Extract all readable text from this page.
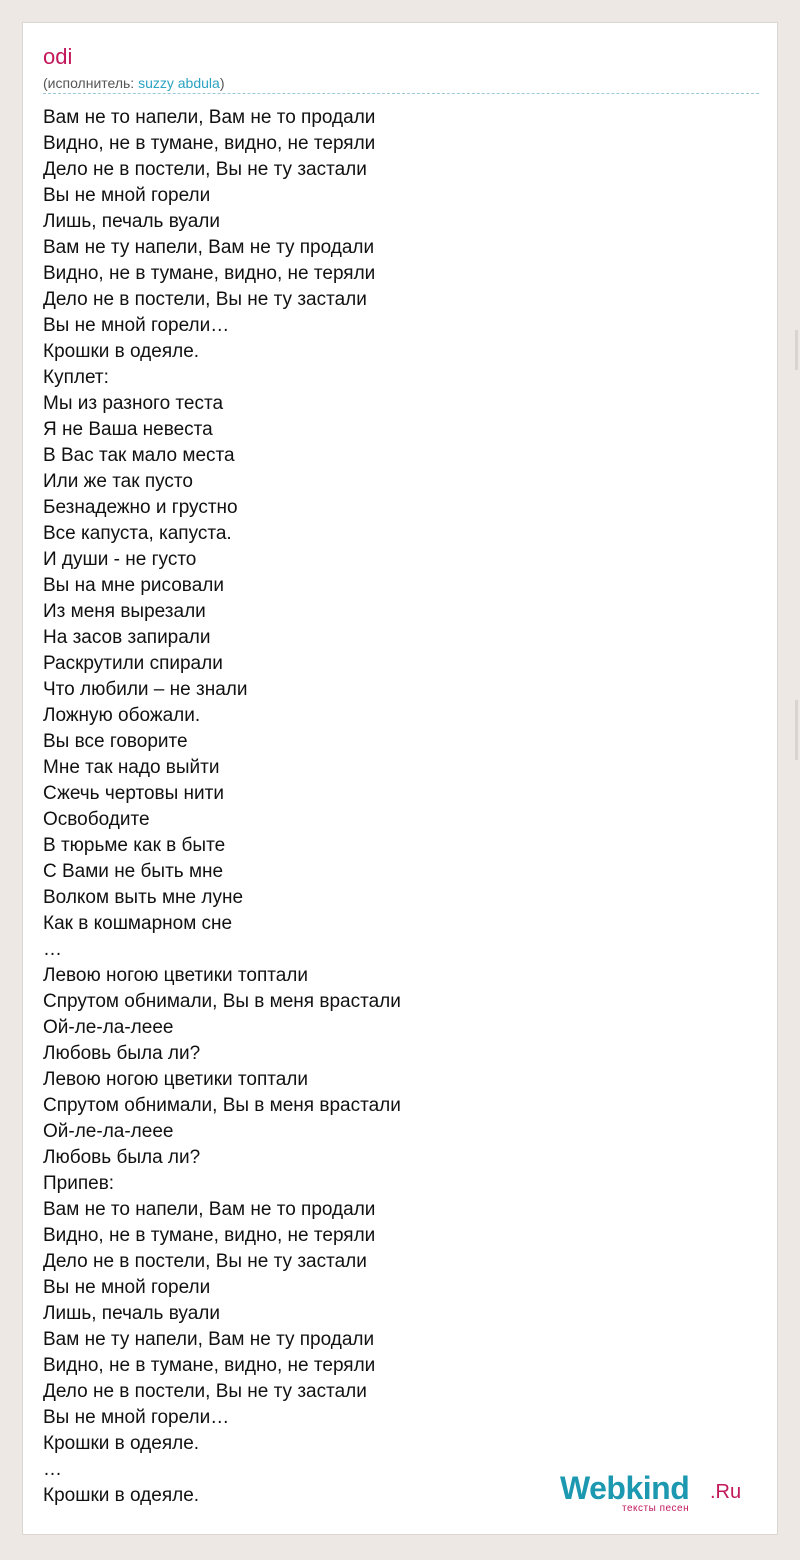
odi
(исполнитель: suzzy abdula)
Вам не то напели, Вам не то продали
Видно, не в тумане, видно, не теряли
Дело не в постели, Вы не ту застали
Вы не мной горели
Лишь, печаль вуали
Вам не ту напели, Вам не ту продали
Видно, не в тумане, видно, не теряли
Дело не в постели, Вы не ту застали
Вы не мной горели…
Крошки в одеяле.
Куплет:
Мы из разного теста
Я не Ваша невеста
В Вас так мало места
Или же так пусто
Безнадежно и грустно
Все капуста, капуста.
И души - не густо
Вы на мне рисовали
Из меня вырезали
На засов запирали
Раскрутили спирали
Что любили – не знали
Ложную обожали.
Вы все говорите
Мне так надо выйти
Сжечь чертовы нити
Освободите
В тюрьме как в быте
С Вами не быть мне
Волком выть мне луне
Как в кошмарном сне
…
Левою ногою цветики топтали
Спрутом обнимали, Вы в меня врастали
Ой-ле-ла-леее
Любовь была ли?
Левою ногою цветики топтали
Спрутом обнимали, Вы в меня врастали
Ой-ле-ла-леее
Любовь была ли?
Припев:
Вам не то напели, Вам не то продали
Видно, не в тумане, видно, не теряли
Дело не в постели, Вы не ту застали
Вы не мной горели
Лишь, печаль вуали
Вам не ту напели, Вам не ту продали
Видно, не в тумане, видно, не теряли
Дело не в постели, Вы не ту застали
Вы не мной горели…
Крошки в одеяле.
…
Крошки в одеяле.	Webkind .Ru
тексты песен
